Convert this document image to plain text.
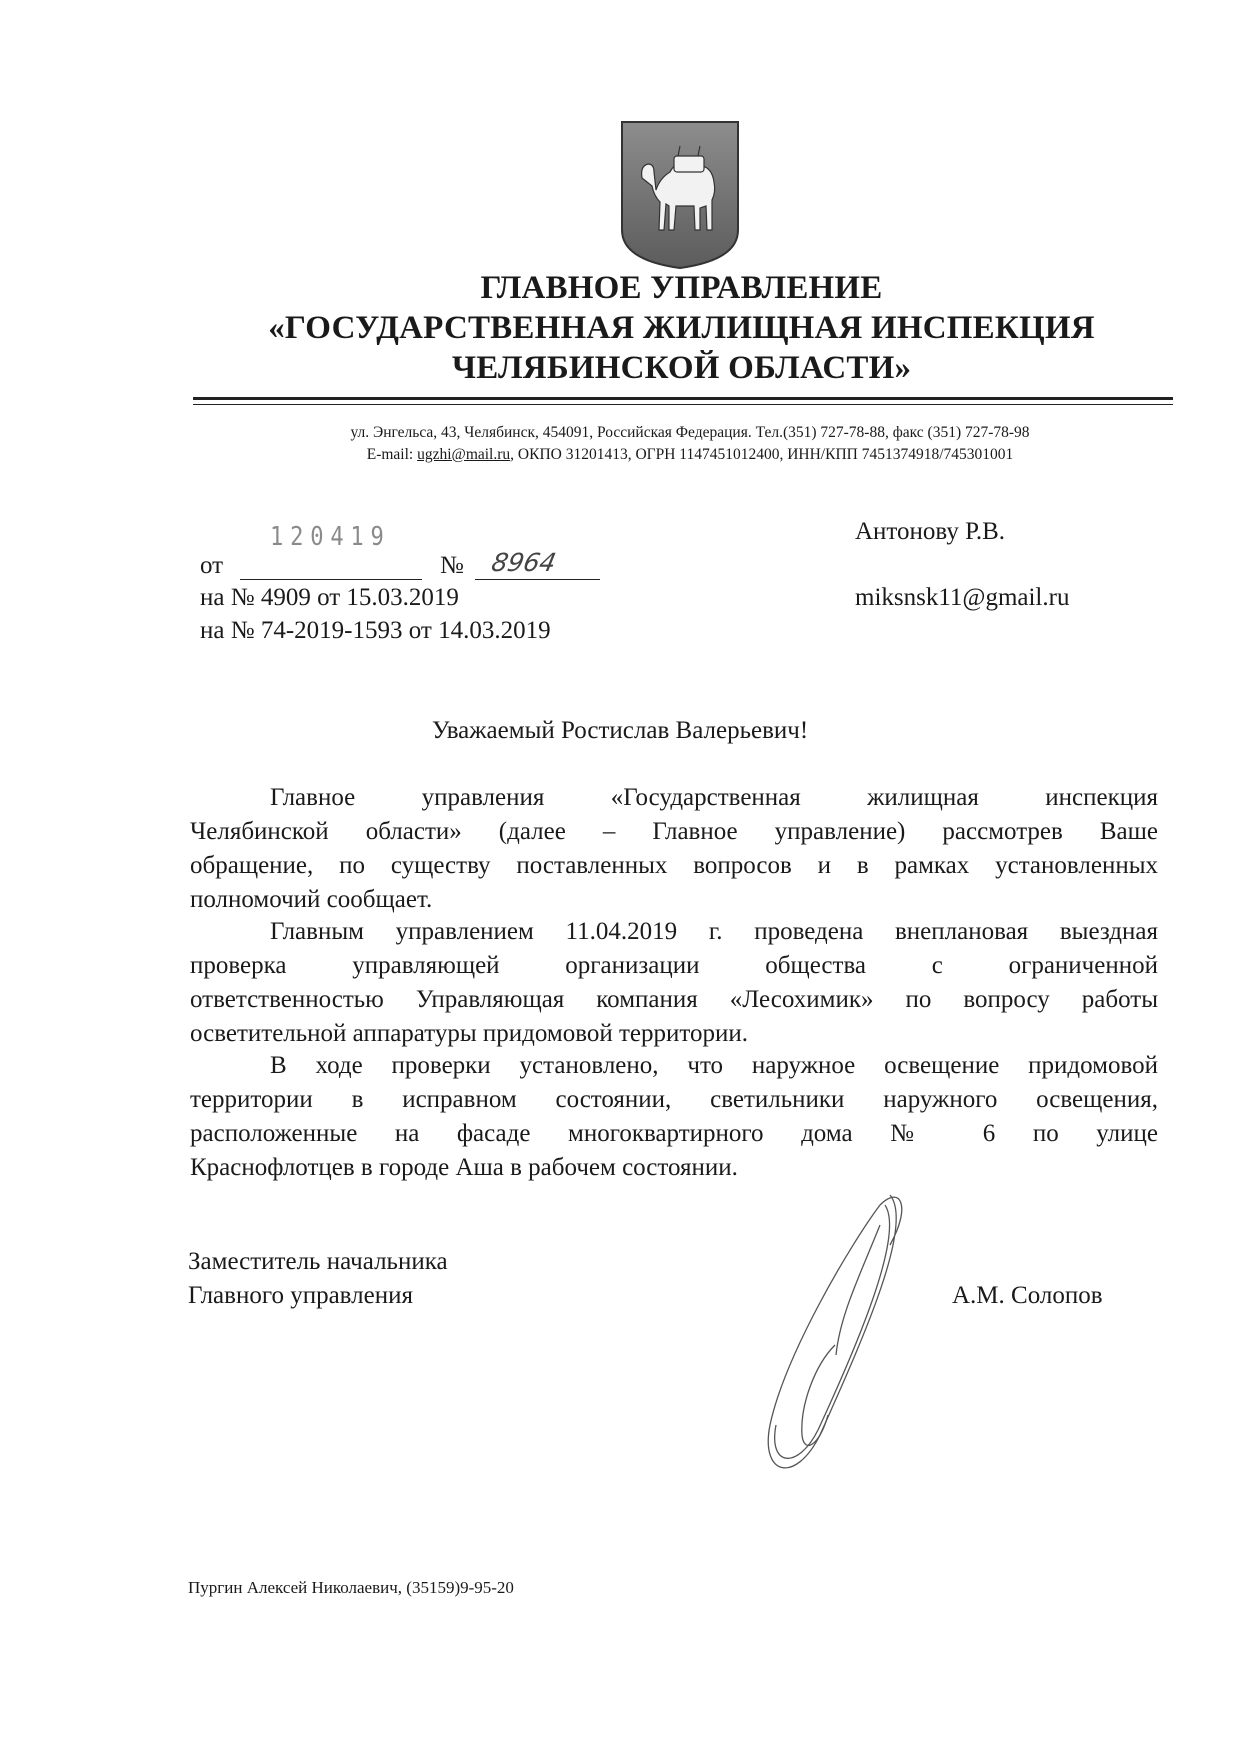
ГЛАВНОЕ УПРАВЛЕНИЕ
«ГОСУДАРСТВЕННАЯ ЖИЛИЩНАЯ ИНСПЕКЦИЯ
ЧЕЛЯБИНСКОЙ ОБЛАСТИ»
ул. Энгельса, 43, Челябинск, 454091, Российская Федерация. Тел.(351) 727-78-88, факс (351) 727-78-98
E-mail: ugzhi@mail.ru, ОКПО 31201413, ОГРН 1147451012400, ИНН/КПП 7451374918/745301001
120419
от	№ 8964
на № 4909 от 15.03.2019
на № 74-2019-1593 от 14.03.2019
Антонову Р.В.
miksnsk11@gmail.ru
Уважаемый Ростислав Валерьевич!
Главное управления «Государственная жилищная инспекция
Челябинской области» (далее – Главное управление) рассмотрев Ваше
обращение, по существу поставленных вопросов и в рамках установленных
полномочий сообщает.
Главным управлением 11.04.2019 г. проведена внеплановая выездная
проверка управляющей организации общества с ограниченной
ответственностью Управляющая компания «Лесохимик» по вопросу работы
осветительной аппаратуры придомовой территории.
В ходе проверки установлено, что наружное освещение придомовой
территории в исправном состоянии, светильники наружного освещения,
расположенные на фасаде многоквартирного дома № 6 по улице
Краснофлотцев в городе Аша в рабочем состоянии.
Заместитель начальника
Главного управления	А.М. Солопов
Пургин Алексей Николаевич, (35159)9-95-20
